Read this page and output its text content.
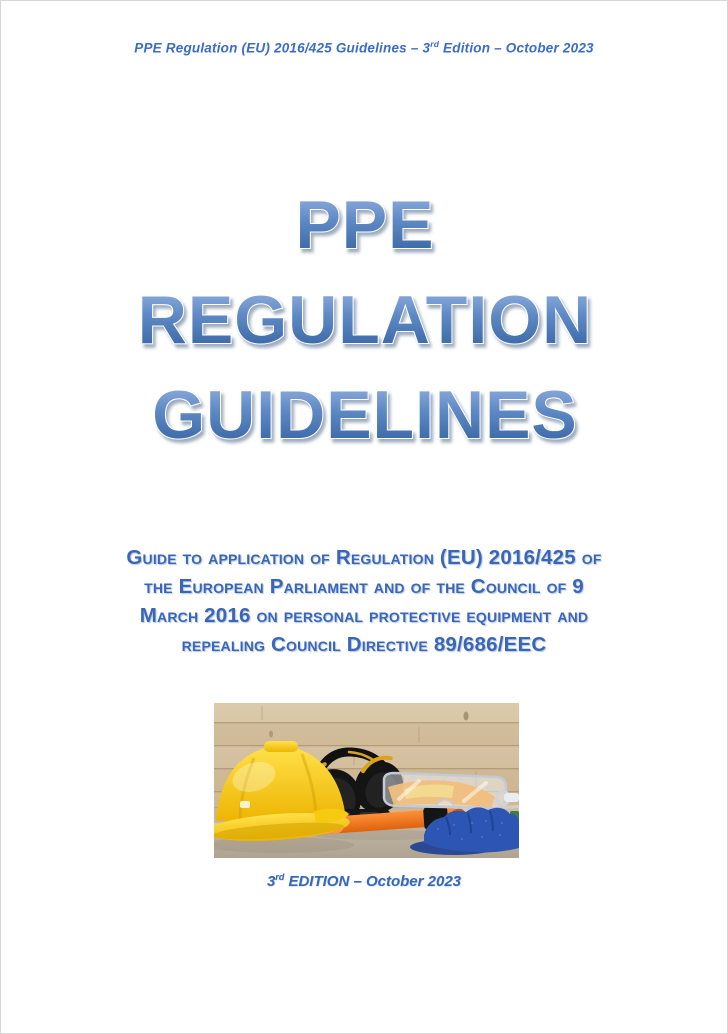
PPE Regulation (EU) 2016/425 Guidelines – 3rd Edition – October 2023
PPE
REGULATION
GUIDELINES
Guide to application of Regulation (EU) 2016/425 of
the European Parliament and of the Council of 9
March 2016 on personal protective equipment and
repealing Council Directive 89/686/EEC
3rd EDITION – October 2023
